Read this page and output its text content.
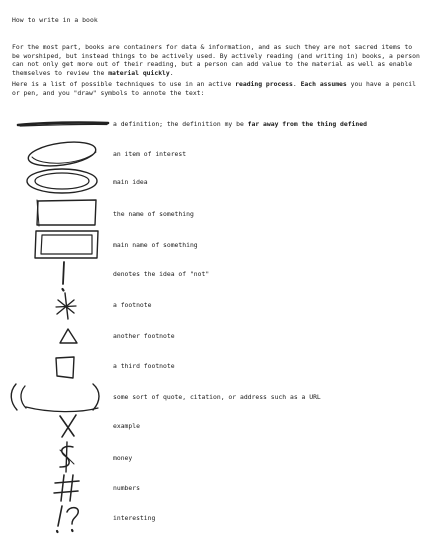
How to write in a book
For the most part, books are containers for data & information, and as such they are not sacred items to be worshiped, but instead things to be actively used. By actively reading (and writing in) books, a person can not only get more out of their reading, but a person can add value to the material as well as enable themselves to review the material quickly.
Here is a list of possible techniques to use in an active reading process. Each assumes you have a pencil or pen, and you "draw" symbols to annote the text:
a definition; the definition my be far away from the thing defined
an item of interest
main idea
the name of something
main name of something
denotes the idea of "not"
a footnote
another footnote
a third footnote
some sort of quote, citation, or address such as a URL
example
money
numbers
interesting
